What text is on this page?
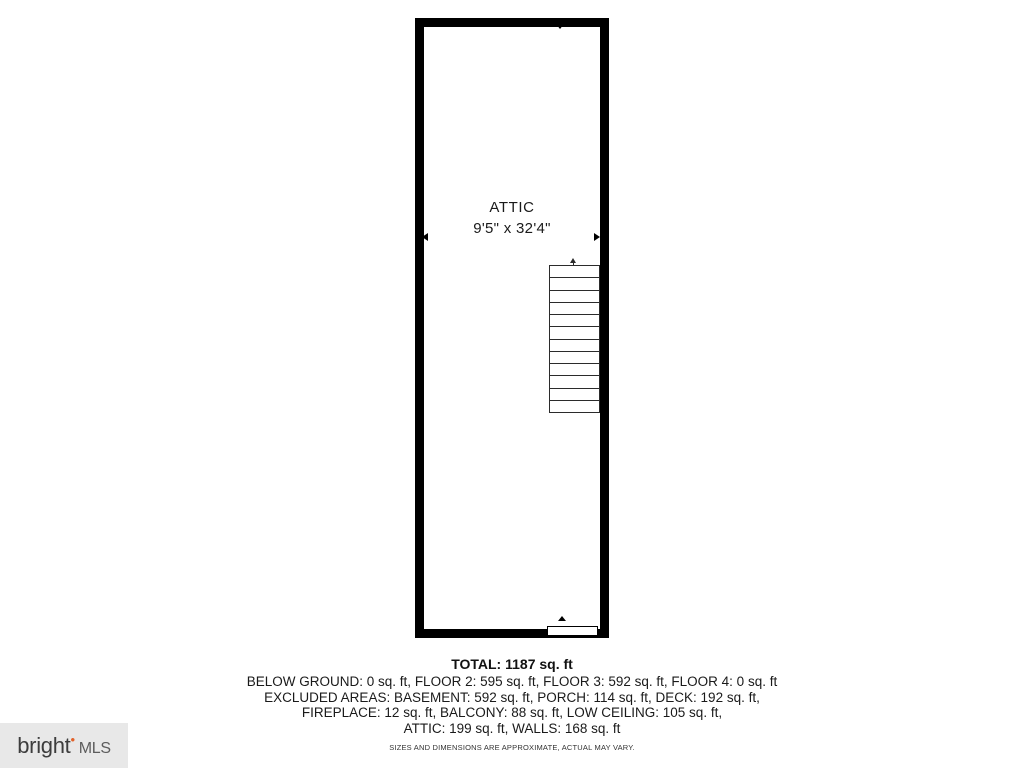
ATTIC
9'5" x 32'4"
TOTAL: 1187 sq. ft
BELOW GROUND: 0 sq. ft, FLOOR 2: 595 sq. ft, FLOOR 3: 592 sq. ft, FLOOR 4: 0 sq. ft
EXCLUDED AREAS: BASEMENT: 592 sq. ft, PORCH: 114 sq. ft, DECK: 192 sq. ft,
FIREPLACE: 12 sq. ft, BALCONY: 88 sq. ft, LOW CEILING: 105 sq. ft,
ATTIC: 199 sq. ft, WALLS: 168 sq. ft
SIZES AND DIMENSIONS ARE APPROXIMATE, ACTUAL MAY VARY.
bright •
MLS
